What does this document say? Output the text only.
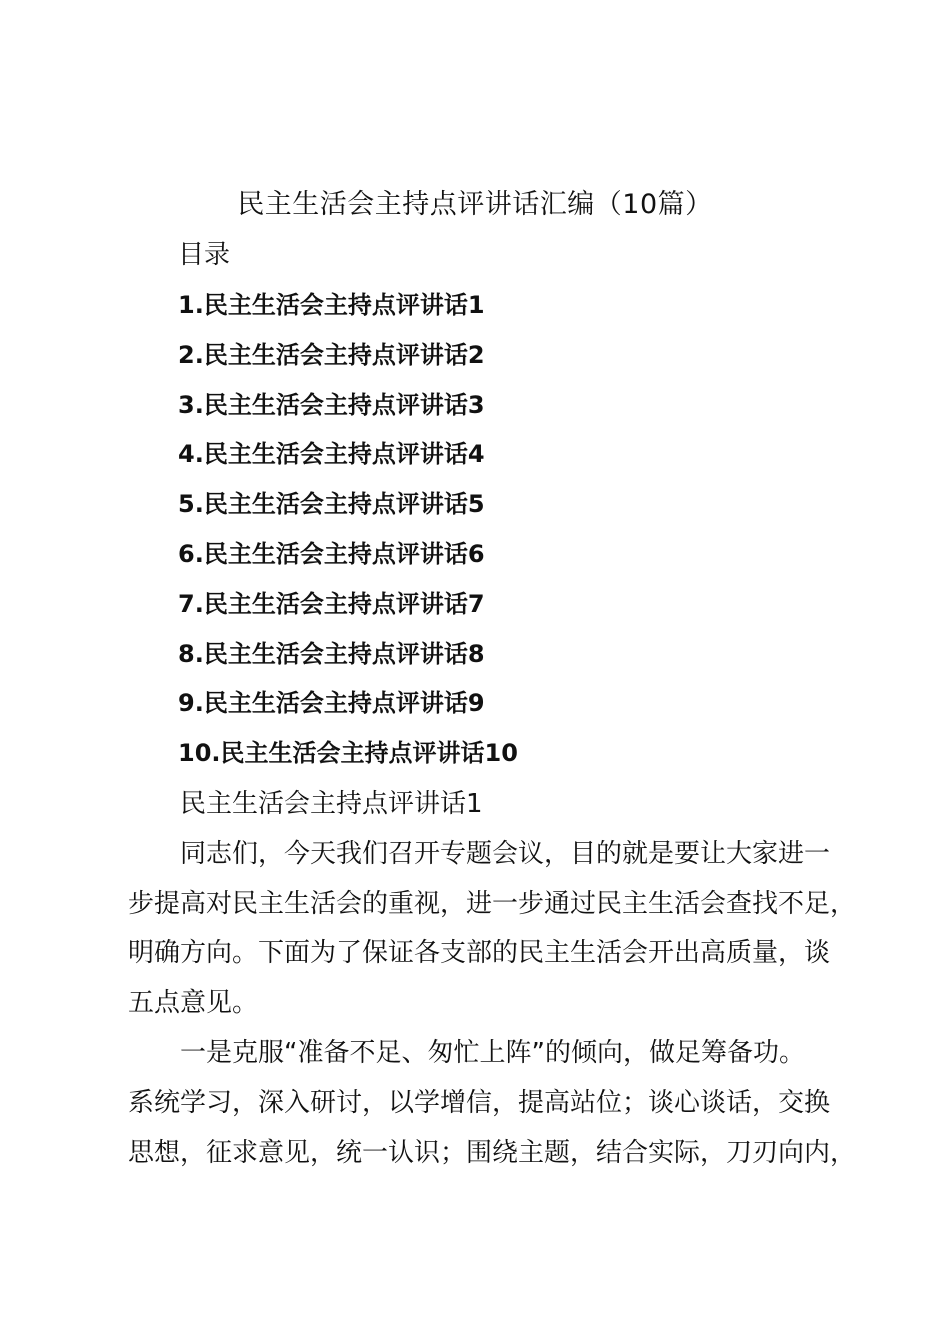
民主生活会主持点评讲话汇编（10篇）
目录
1.民主生活会主持点评讲话1
2.民主生活会主持点评讲话2
3.民主生活会主持点评讲话3
4.民主生活会主持点评讲话4
5.民主生活会主持点评讲话5
6.民主生活会主持点评讲话6
7.民主生活会主持点评讲话7
8.民主生活会主持点评讲话8
9.民主生活会主持点评讲话9
10.民主生活会主持点评讲话10

民主生活会主持点评讲话1

同志们，今天我们召开专题会议，目的就是要让大家进一
步提高对民主生活会的重视，进一步通过民主生活会查找不足，
明确方向。下面为了保证各支部的民主生活会开出高质量，谈
五点意见。

一是克服“准备不足、匆忙上阵”的倾向，做足筹备功。
系统学习，深入研讨，以学增信，提高站位；谈心谈话，交换
思想，征求意见，统一认识；围绕主题，结合实际，刀刃向内，
